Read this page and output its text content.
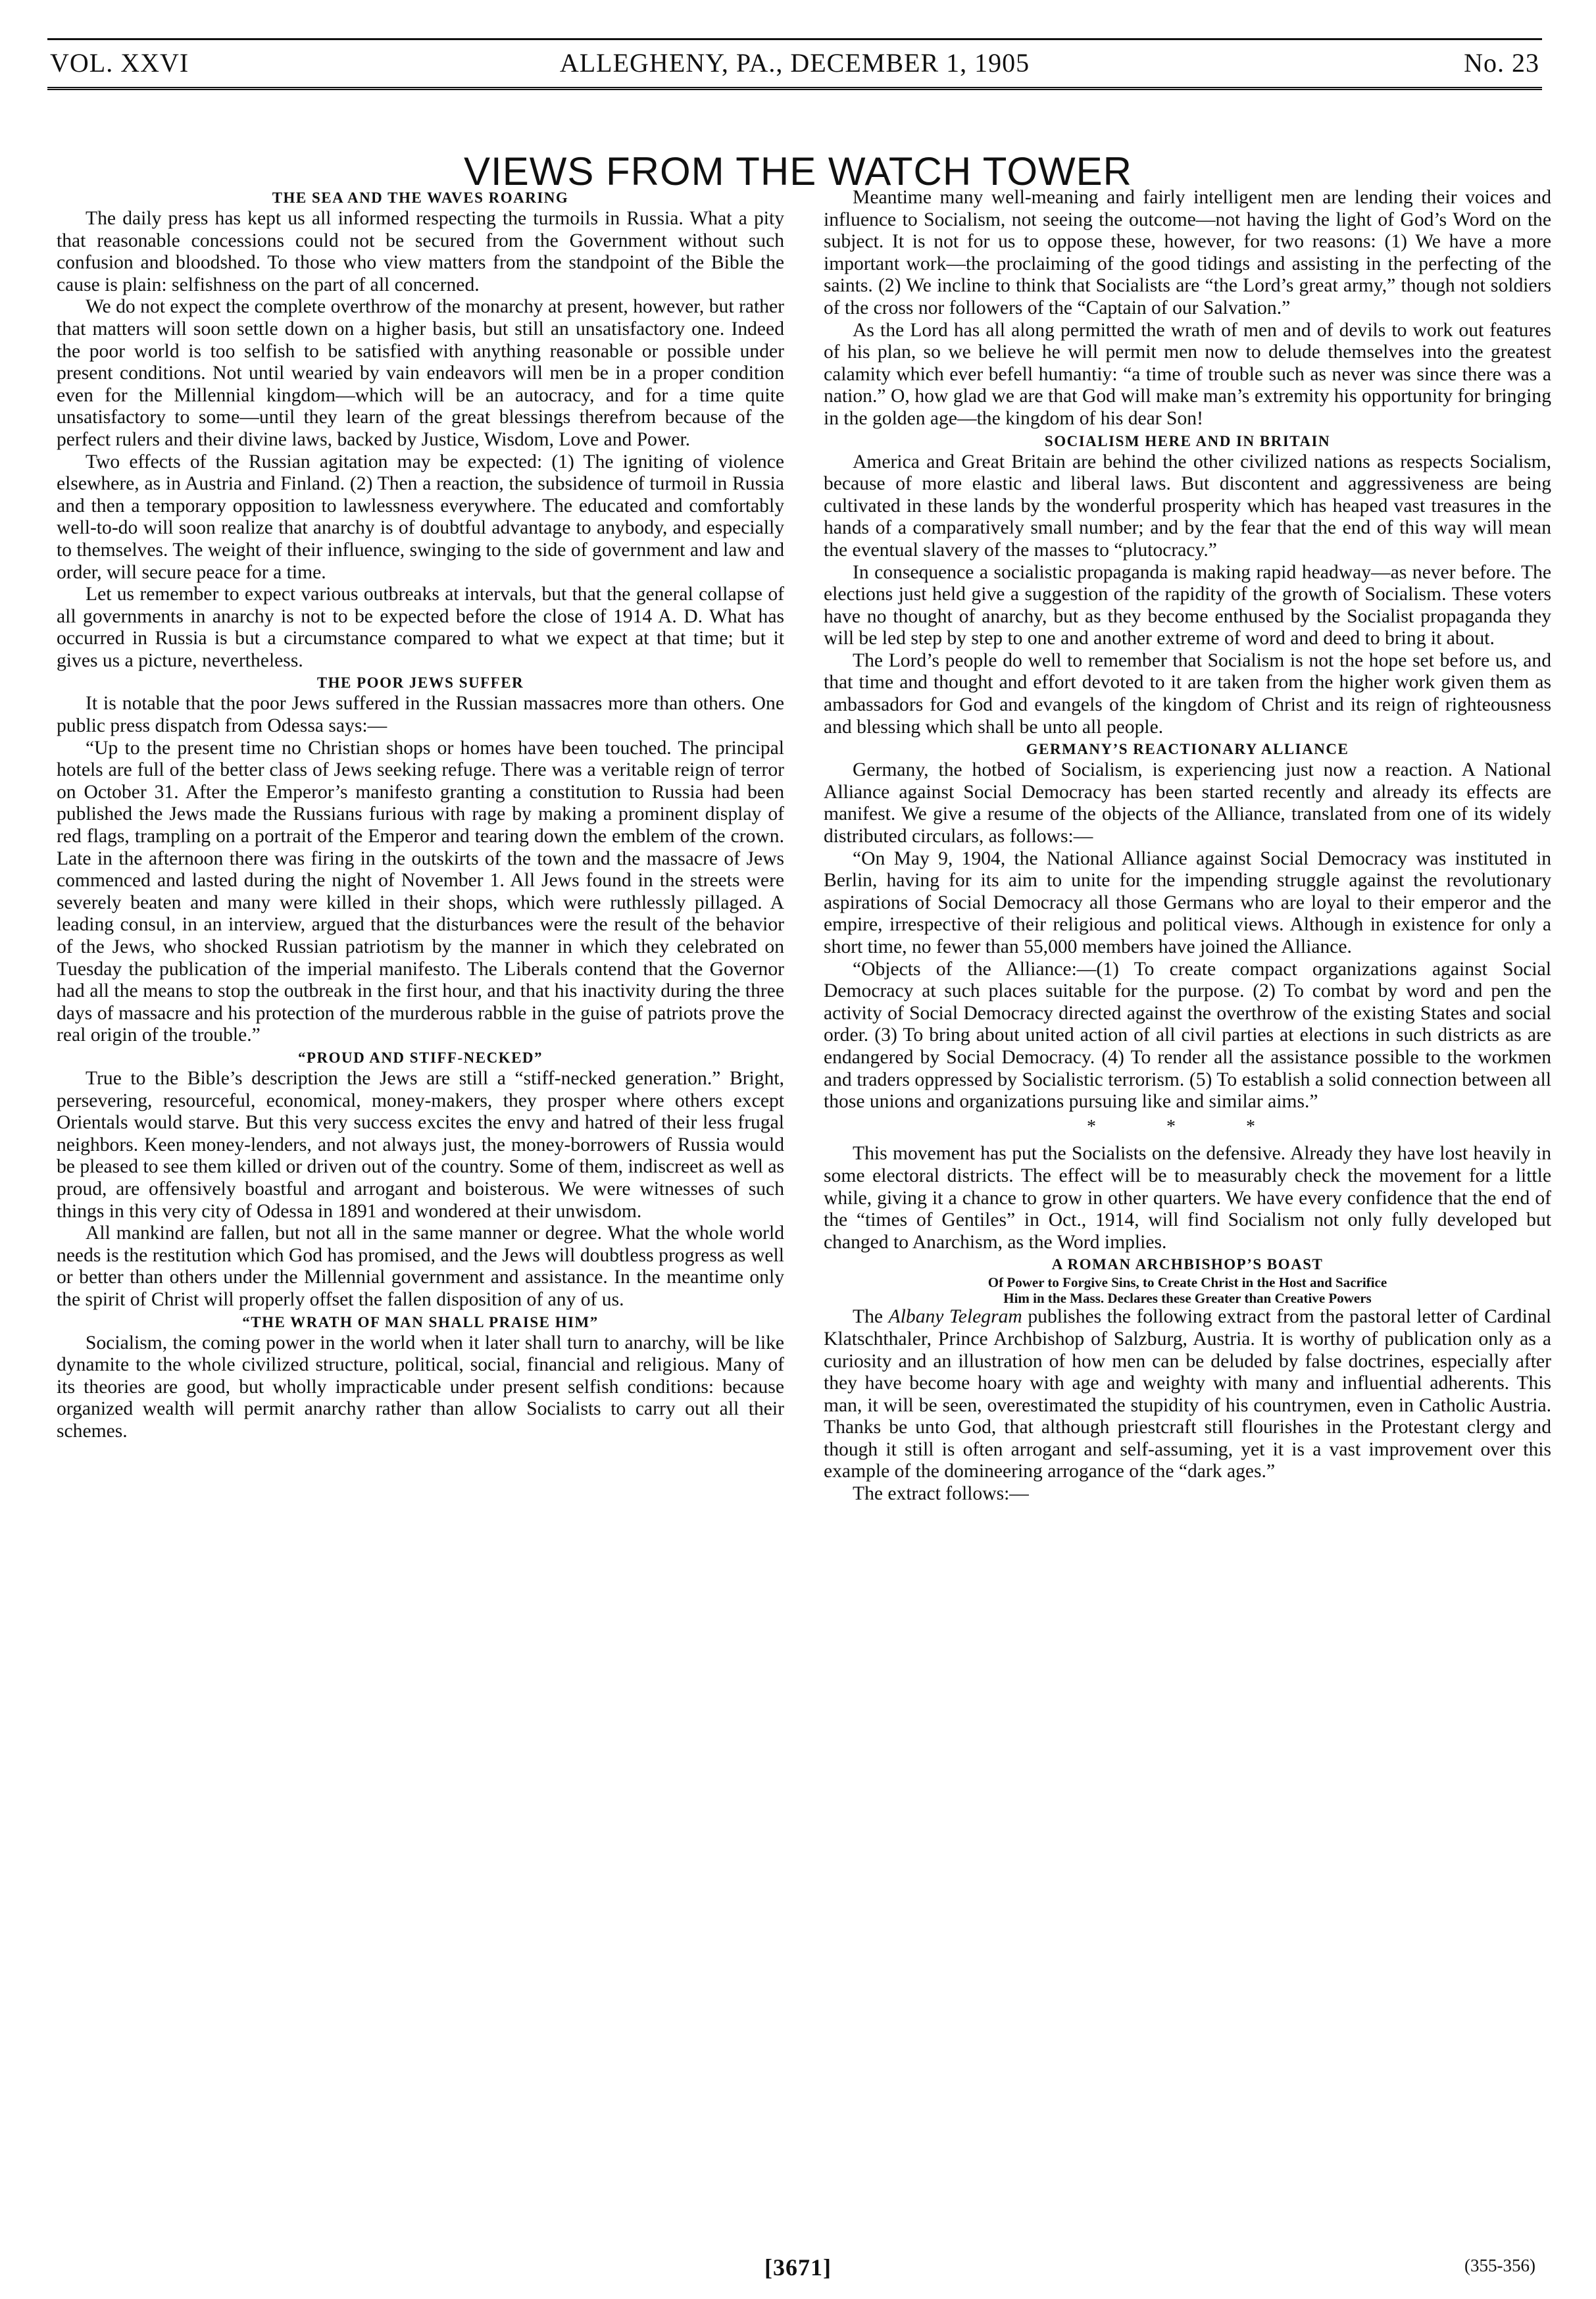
VOL. XXVI	ALLEGHENY, PA., DECEMBER 1, 1905	No. 23
VIEWS FROM THE WATCH TOWER
THE SEA AND THE WAVES ROARING

The daily press has kept us all informed respecting the turmoils in Russia. What a pity that reasonable concessions could not be secured from the Government without such confusion and bloodshed. To those who view matters from the standpoint of the Bible the cause is plain: selfishness on the part of all concerned.

We do not expect the complete overthrow of the monarchy at present, however, but rather that matters will soon settle down on a higher basis, but still an unsatisfactory one. Indeed the poor world is too selfish to be satisfied with anything reasonable or possible under present conditions. Not until wearied by vain endeavors will men be in a proper condition even for the Millennial kingdom—which will be an autocracy, and for a time quite unsatisfactory to some—until they learn of the great blessings therefrom because of the perfect rulers and their divine laws, backed by Justice, Wisdom, Love and Power.

Two effects of the Russian agitation may be expected: (1) The igniting of violence elsewhere, as in Austria and Finland. (2) Then a reaction, the subsidence of turmoil in Russia and then a temporary opposition to lawlessness everywhere. The educated and comfortably well-to-do will soon realize that anarchy is of doubtful advantage to anybody, and especially to themselves. The weight of their influence, swinging to the side of government and law and order, will secure peace for a time.

Let us remember to expect various outbreaks at intervals, but that the general collapse of all governments in anarchy is not to be expected before the close of 1914 A. D. What has occurred in Russia is but a circumstance compared to what we expect at that time; but it gives us a picture, nevertheless.

THE POOR JEWS SUFFER

It is notable that the poor Jews suffered in the Russian massacres more than others. One public press dispatch from Odessa says:—

“Up to the present time no Christian shops or homes have been touched. The principal hotels are full of the better class of Jews seeking refuge. There was a veritable reign of terror on October 31. After the Emperor’s manifesto granting a constitution to Russia had been published the Jews made the Russians furious with rage by making a prominent display of red flags, trampling on a portrait of the Emperor and tearing down the emblem of the crown. Late in the afternoon there was firing in the outskirts of the town and the massacre of Jews commenced and lasted during the night of November 1. All Jews found in the streets were severely beaten and many were killed in their shops, which were ruthlessly pillaged. A leading consul, in an interview, argued that the disturbances were the result of the behavior of the Jews, who shocked Russian patriotism by the manner in which they celebrated on Tuesday the publication of the imperial manifesto. The Liberals contend that the Governor had all the means to stop the outbreak in the first hour, and that his inactivity during the three days of massacre and his protection of the murderous rabble in the guise of patriots prove the real origin of the trouble.”

“PROUD AND STIFF-NECKED”

True to the Bible’s description the Jews are still a “stiff-necked generation.” Bright, persevering, resourceful, economical, money-makers, they prosper where others except Orientals would starve. But this very success excites the envy and hatred of their less frugal neighbors. Keen money-lenders, and not always just, the money-borrowers of Russia would be pleased to see them killed or driven out of the country. Some of them, indiscreet as well as proud, are offensively boastful and arrogant and boisterous. We were witnesses of such things in this very city of Odessa in 1891 and wondered at their unwisdom.

All mankind are fallen, but not all in the same manner or degree. What the whole world needs is the restitution which God has promised, and the Jews will doubtless progress as well or better than others under the Millennial government and assistance. In the meantime only the spirit of Christ will properly offset the fallen disposition of any of us.

“THE WRATH OF MAN SHALL PRAISE HIM”

Socialism, the coming power in the world when it later shall turn to anarchy, will be like dynamite to the whole civilized structure, political, social, financial and religious. Many of its theories are good, but wholly impracticable under present selfish conditions: because organized wealth will permit anarchy rather than allow Socialists to carry out all their schemes.

Meantime many well-meaning and fairly intelligent men are lending their voices and influence to Socialism, not seeing the outcome—not having the light of God’s Word on the subject. It is not for us to oppose these, however, for two reasons: (1) We have a more important work—the proclaiming of the good tidings and assisting in the perfecting of the saints. (2) We incline to think that Socialists are “the Lord’s great army,” though not soldiers of the cross nor followers of the “Captain of our Salvation.”

As the Lord has all along permitted the wrath of men and of devils to work out features of his plan, so we believe he will permit men now to delude themselves into the greatest calamity which ever befell humantiy: “a time of trouble such as never was since there was a nation.” O, how glad we are that God will make man’s extremity his opportunity for bringing in the golden age—the kingdom of his dear Son!

SOCIALISM HERE AND IN BRITAIN

America and Great Britain are behind the other civilized nations as respects Socialism, because of more elastic and liberal laws. But discontent and aggressiveness are being cultivated in these lands by the wonderful prosperity which has heaped vast treasures in the hands of a comparatively small number; and by the fear that the end of this way will mean the eventual slavery of the masses to “plutocracy.”

In consequence a socialistic propaganda is making rapid headway—as never before. The elections just held give a suggestion of the rapidity of the growth of Socialism. These voters have no thought of anarchy, but as they become enthused by the Socialist propaganda they will be led step by step to one and another extreme of word and deed to bring it about.

The Lord’s people do well to remember that Socialism is not the hope set before us, and that time and thought and effort devoted to it are taken from the higher work given them as ambassadors for God and evangels of the kingdom of Christ and its reign of righteousness and blessing which shall be unto all people.

GERMANY’S REACTIONARY ALLIANCE

Germany, the hotbed of Socialism, is experiencing just now a reaction. A National Alliance against Social Democracy has been started recently and already its effects are manifest. We give a resume of the objects of the Alliance, translated from one of its widely distributed circulars, as follows:—

“On May 9, 1904, the National Alliance against Social Democracy was instituted in Berlin, having for its aim to unite for the impending struggle against the revolutionary aspirations of Social Democracy all those Germans who are loyal to their emperor and the empire, irrespective of their religious and political views. Although in existence for only a short time, no fewer than 55,000 members have joined the Alliance.

“Objects of the Alliance:—(1) To create compact organizations against Social Democracy at such places suitable for the purpose. (2) To combat by word and pen the activity of Social Democracy directed against the overthrow of the existing States and social order. (3) To bring about united action of all civil parties at elections in such districts as are endangered by Social Democracy. (4) To render all the assistance possible to the workmen and traders oppressed by Socialistic terrorism. (5) To establish a solid connection between all those unions and organizations pursuing like and similar aims.”

* * *

This movement has put the Socialists on the defensive. Already they have lost heavily in some electoral districts. The effect will be to measurably check the movement for a little while, giving it a chance to grow in other quarters. We have every confidence that the end of the “times of Gentiles” in Oct., 1914, will find Socialism not only fully developed but changed to Anarchism, as the Word implies.

A ROMAN ARCHBISHOP’S BOAST
Of Power to Forgive Sins, to Create Christ in the Host and Sacrifice
Him in the Mass. Declares these Greater than Creative Powers

The Albany Telegram publishes the following extract from the pastoral letter of Cardinal Klatschthaler, Prince Archbishop of Salzburg, Austria. It is worthy of publication only as a curiosity and an illustration of how men can be deluded by false doctrines, especially after they have become hoary with age and weighty with many and influential adherents. This man, it will be seen, overestimated the stupidity of his countrymen, even in Catholic Austria. Thanks be unto God, that although priestcraft still flourishes in the Protestant clergy and though it still is often arrogant and self-assuming, yet it is a vast improvement over this example of the domineering arrogance of the “dark ages.”

The extract follows:—

[3671]	(355-356)
